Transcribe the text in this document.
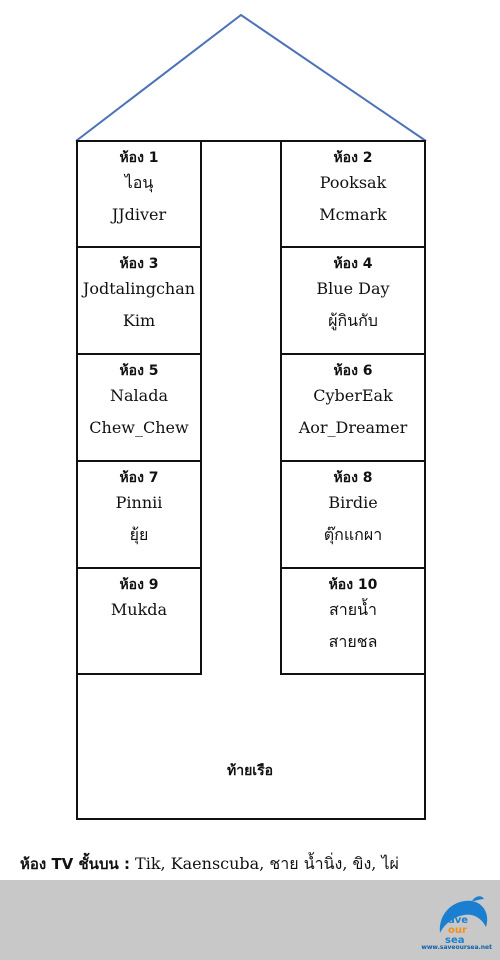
ห้อง 1
ไอนุ
JJdiver
ห้อง 3
Jodtalingchan
Kim
ห้อง 5
Nalada
Chew_Chew
ห้อง 7
Pinnii
ยุ้ย
ห้อง 9
Mukda
ห้อง 2
Pooksak
Mcmark
ห้อง 4
Blue Day
ผู้กินกับ
ห้อง 6
CyberEak
Aor_Dreamer
ห้อง 8
Birdie
ตุ๊กแกผา
ห้อง 10
สายน้ำ
สายชล
ท้ายเรือ
ห้อง TV ชั้นบน : Tik, Kaenscuba, ชาย น้ำนิ่ง, ขิง, ไผ่
save
our
sea
www.saveoursea.net
